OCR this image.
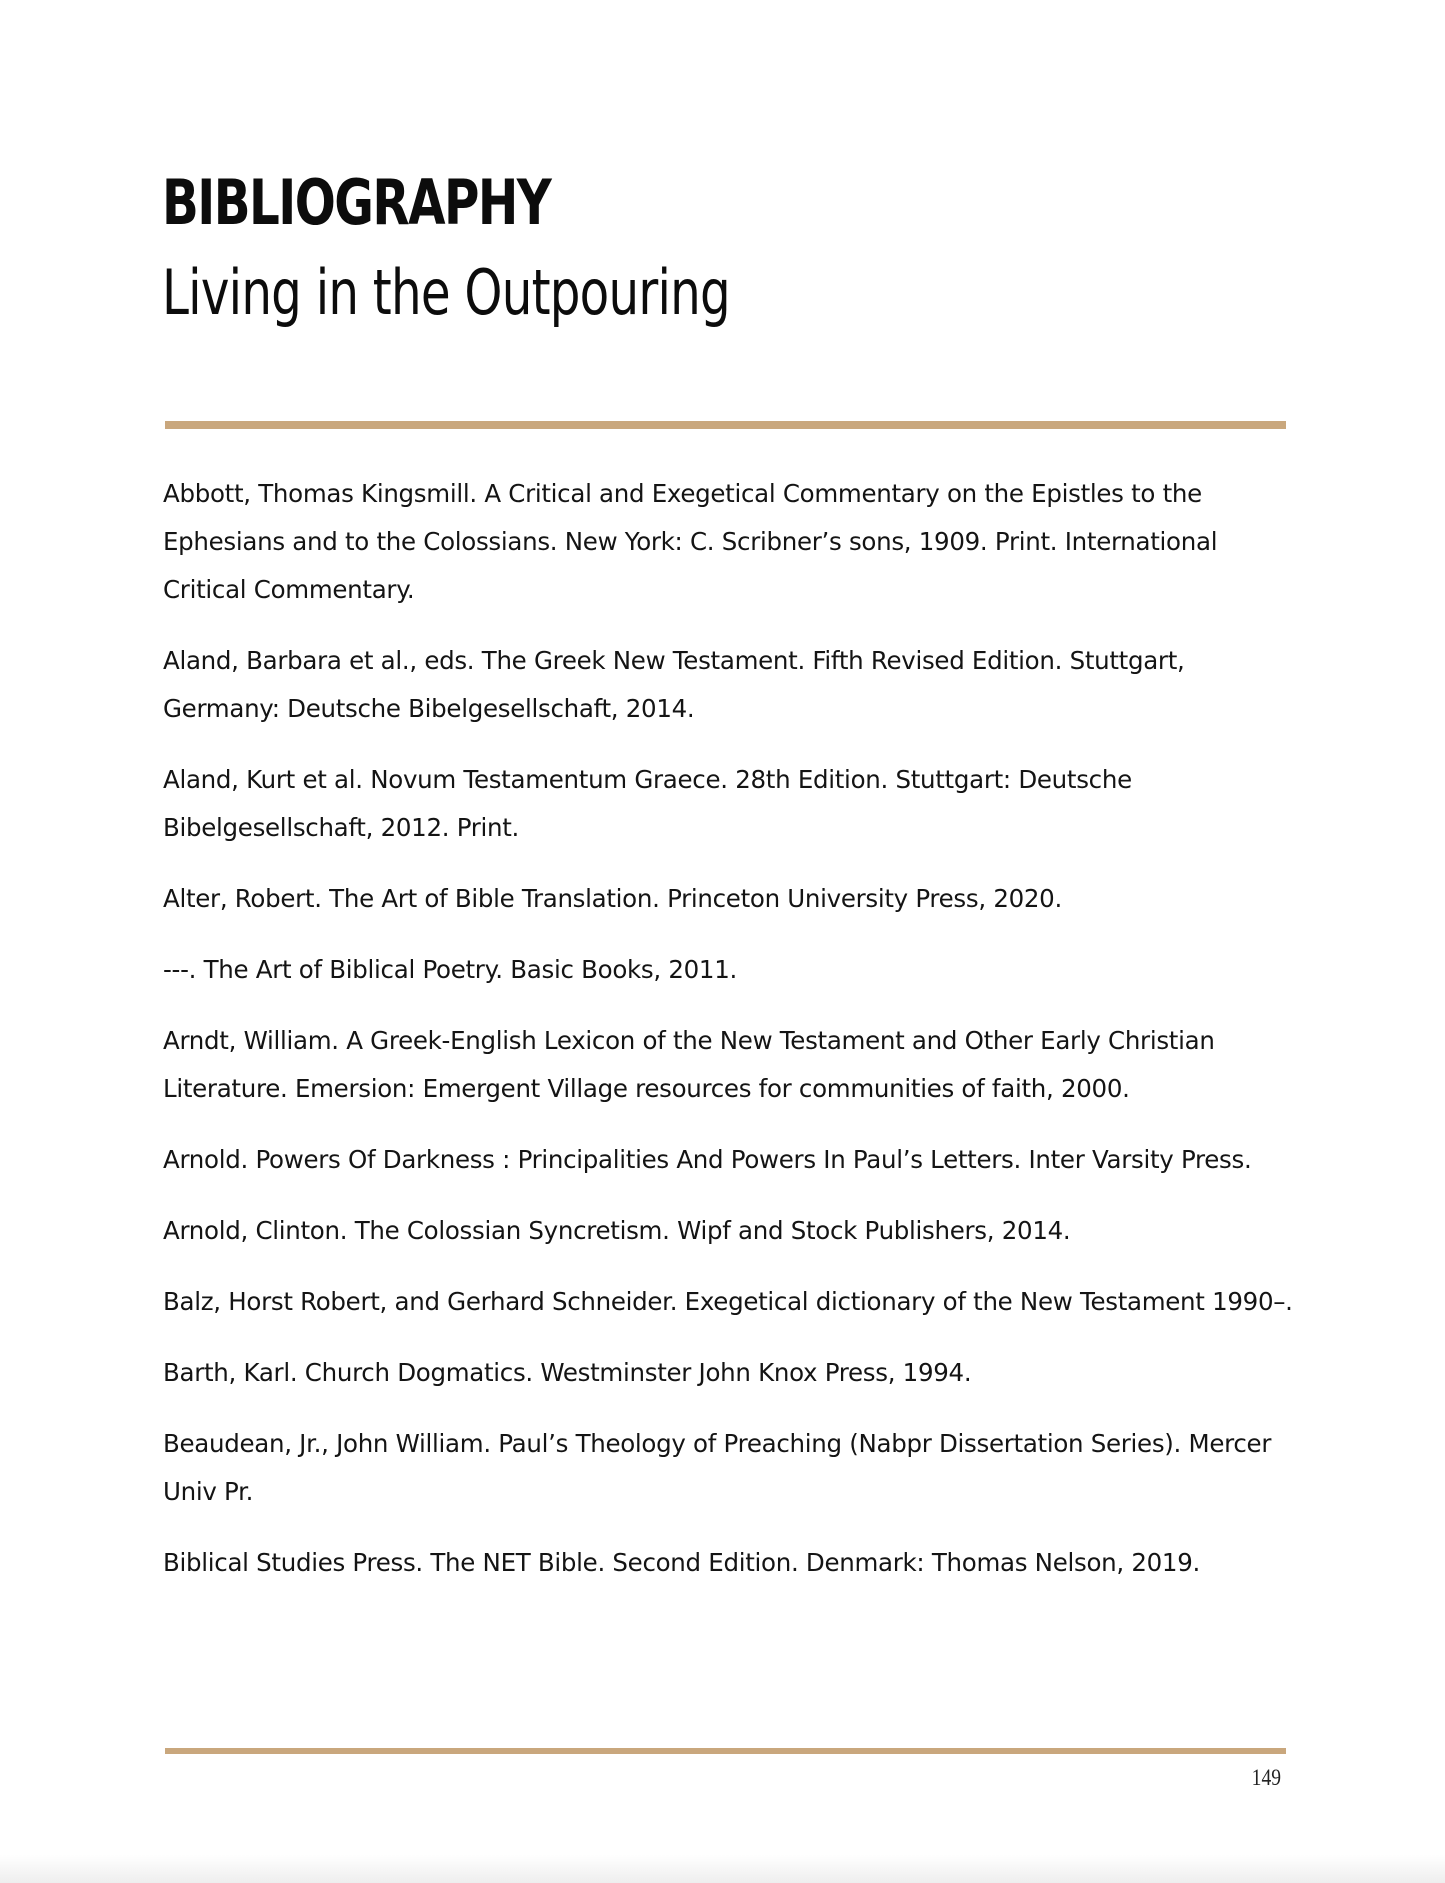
BIBLIOGRAPHY
Living in the Outpouring
Abbott, Thomas Kingsmill. A Critical and Exegetical Commentary on the Epistles to the Ephesians and to the Colossians. New York: C. Scribner’s sons, 1909. Print. International Critical Commentary.
Aland, Barbara et al., eds. The Greek New Testament. Fifth Revised Edition. Stuttgart, Germany: Deutsche Bibelgesellschaft, 2014.
Aland, Kurt et al. Novum Testamentum Graece. 28th Edition. Stuttgart: Deutsche Bibelgesellschaft, 2012. Print.
Alter, Robert. The Art of Bible Translation. Princeton University Press, 2020.
---. The Art of Biblical Poetry. Basic Books, 2011.
Arndt, William. A Greek-English Lexicon of the New Testament and Other Early Christian Literature. Emersion: Emergent Village resources for communities of faith, 2000.
Arnold. Powers Of Darkness : Principalities And Powers In Paul’s Letters. Inter Varsity Press.
Arnold, Clinton. The Colossian Syncretism. Wipf and Stock Publishers, 2014.
Balz, Horst Robert, and Gerhard Schneider. Exegetical dictionary of the New Testament 1990–.
Barth, Karl. Church Dogmatics. Westminster John Knox Press, 1994.
Beaudean, Jr., John William. Paul’s Theology of Preaching (Nabpr Dissertation Series). Mercer Univ Pr.
Biblical Studies Press. The NET Bible. Second Edition. Denmark: Thomas Nelson, 2019.
149
